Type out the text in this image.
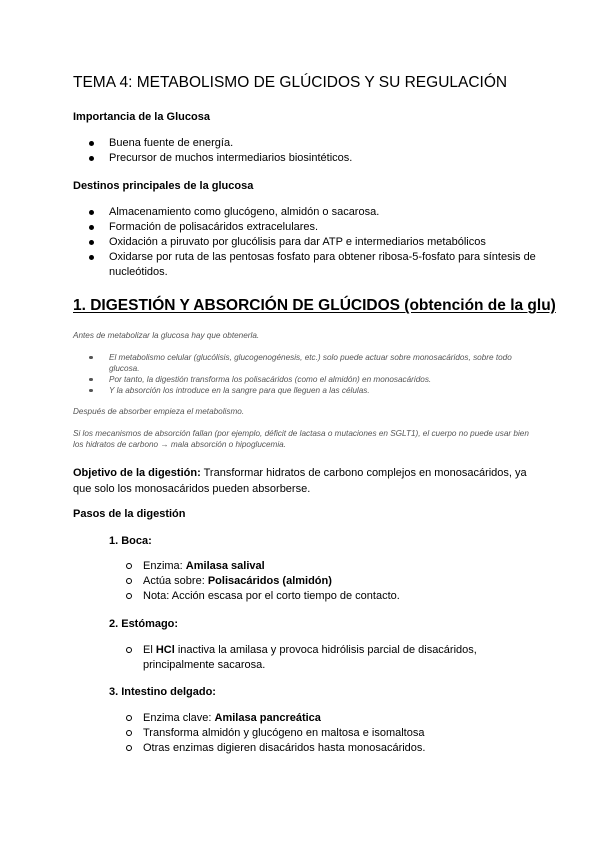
TEMA 4: METABOLISMO DE GLÚCIDOS Y SU REGULACIÓN

Importancia de la Glucosa

Buena fuente de energía.
Precursor de muchos intermediarios biosintéticos.

Destinos principales de la glucosa

Almacenamiento como glucógeno, almidón o sacarosa.
Formación de polisacáridos extracelulares.
Oxidación a piruvato por glucólisis para dar ATP e intermediarios metabólicos
Oxidarse por ruta de las pentosas fosfato para obtener ribosa-5-fosfato para síntesis de nucleótidos.
1. DIGESTIÓN Y ABSORCIÓN DE GLÚCIDOS (obtención de la glu)

Antes de metabolizar la glucosa hay que obtenerla.

El metabolismo celular (glucólisis, glucogenogénesis, etc.) solo puede actuar sobre monosacáridos, sobre todo glucosa.
Por tanto, la digestión transforma los polisacáridos (como el almidón) en monosacáridos.
Y la absorción los introduce en la sangre para que lleguen a las células.

Después de absorber empieza el metabolismo.

Si los mecanismos de absorción fallan (por ejemplo, déficit de lactasa o mutaciones en SGLT1), el cuerpo no puede usar bien los hidratos de carbono → mala absorción o hipoglucemia.

Objetivo de la digestión: Transformar hidratos de carbono complejos en monosacáridos, ya que solo los monosacáridos pueden absorberse.

Pasos de la digestión

1. Boca:

Enzima: Amilasa salival
Actúa sobre: Polisacáridos (almidón)
Nota: Acción escasa por el corto tiempo de contacto.

2. Estómago:

El HCl inactiva la amilasa y provoca hidrólisis parcial de disacáridos, principalmente sacarosa.

3. Intestino delgado:

Enzima clave: Amilasa pancreática
Transforma almidón y glucógeno en maltosa e isomaltosa
Otras enzimas digieren disacáridos hasta monosacáridos.
